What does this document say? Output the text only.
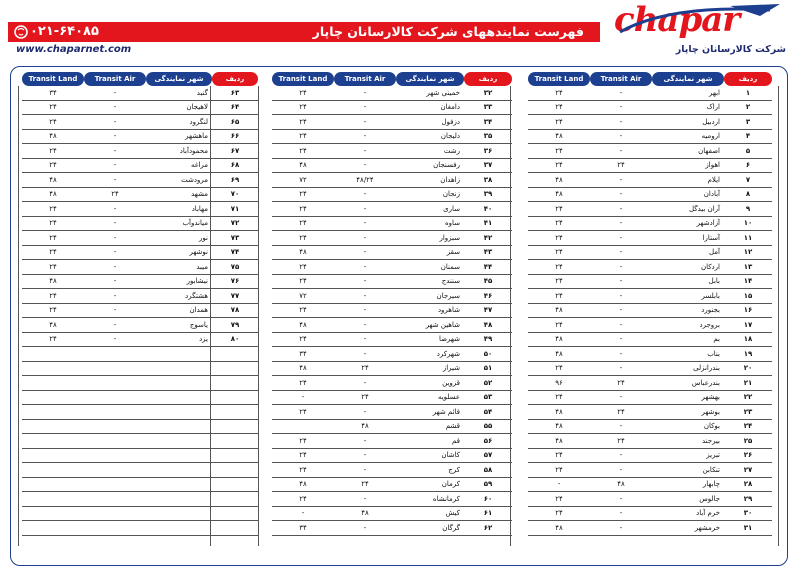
فهرست نمایندههای شرکت کالارسانان چاپار
۰۲۱-۶۴۰۸۵
www.chaparnet.com
chapar
شرکت کالارسانان چاپار
Transit Land	Transit Air	شهر نمایندگی	ردیف
۳۴	-	گنبد	۶۳
۲۴	-	لاهیجان	۶۴
۲۴	-	لنگرود	۶۵
۴۸	-	ماهشهر	۶۶
۲۴	-	محمودآباد	۶۷
۲۴	-	مراغه	۶۸
۴۸	-	مرودشت	۶۹
۴۸	۲۴	مشهد	۷۰
۲۴	-	مهاباد	۷۱
۲۴	-	میاندوآب	۷۲
۲۴	-	نور	۷۳
۲۴	-	نوشهر	۷۴
۲۴	-	میبد	۷۵
۴۸	-	نیشابور	۷۶
۲۴	-	هشتگرد	۷۷
۲۴	-	همدان	۷۸
۴۸	-	یاسوج	۷۹
۲۴	-	یزد	۸۰

Transit Land	Transit Air	شهر نمایندگی	ردیف
۲۴	-	خمینی شهر	۳۲
۲۴	-	دامغان	۳۳
۲۴	-	دزفول	۳۴
۲۴	-	دلیجان	۳۵
۲۴	-	رشت	۳۶
۴۸	-	رفسنجان	۳۷
۷۲	۴۸/۲۴	زاهدان	۳۸
۲۴	-	زنجان	۳۹
۲۴	-	ساری	۴۰
۲۴	-	ساوه	۴۱
۲۴	-	سبزوار	۴۲
۴۸	-	سقز	۴۳
۲۴	-	سمنان	۴۴
۲۴	-	سنندج	۴۵
۷۲	-	سیرجان	۴۶
۲۴	-	شاهرود	۴۷
۴۸	-	شاهین شهر	۴۸
۲۴	-	شهرضا	۴۹
۳۴	-	شهرکرد	۵۰
۴۸	۲۴	شیراز	۵۱
۲۴	-	قزوین	۵۲
-	۲۴	عسلویه	۵۳
۲۴	-	قائم شهر	۵۴
	۴۸	قشم	۵۵
۲۴	-	قم	۵۶
۲۴	-	کاشان	۵۷
۲۴	-	کرج	۵۸
۴۸	۲۴	کرمان	۵۹
۲۴	-	کرمانشاه	۶۰
-	۴۸	کیش	۶۱
۳۴	-	گرگان	۶۲
Transit Land	Transit Air	شهر نمایندگی	ردیف
۲۴	-	ابهر	۱
۲۴	-	اراک	۲
۲۴	-	اردبیل	۳
۴۸	-	ارومیه	۴
۲۴	-	اصفهان	۵
۲۴	۲۴	اهواز	۶
۴۸	-	ایلام	۷
۴۸	-	آبادان	۸
۲۴	-	آران بیدگل	۹
۲۴	-	آزادشهر	۱۰
۲۴	-	آستارا	۱۱
۲۴	-	آمل	۱۲
۲۴	-	اردکان	۱۳
۲۴	-	بابل	۱۴
۲۴	-	بابلسر	۱۵
۴۸	-	بجنورد	۱۶
۲۴	-	بروجرد	۱۷
۴۸	-	بم	۱۸
۴۸	-	بناب	۱۹
۲۴	-	بندرانزلی	۲۰
۹۶	۲۴	بندرعباس	۲۱
۲۴	-	بهشهر	۲۲
۴۸	۲۴	بوشهر	۲۳
۴۸	-	بوکان	۲۴
۴۸	۲۴	بیرجند	۲۵
۲۴	-	تبریز	۲۶
۲۴	-	تنکابن	۲۷
-	۴۸	چابهار	۲۸
۲۴	-	جالوس	۲۹
۲۴	-	خرم آباد	۳۰
۴۸	-	خرمشهر	۳۱
